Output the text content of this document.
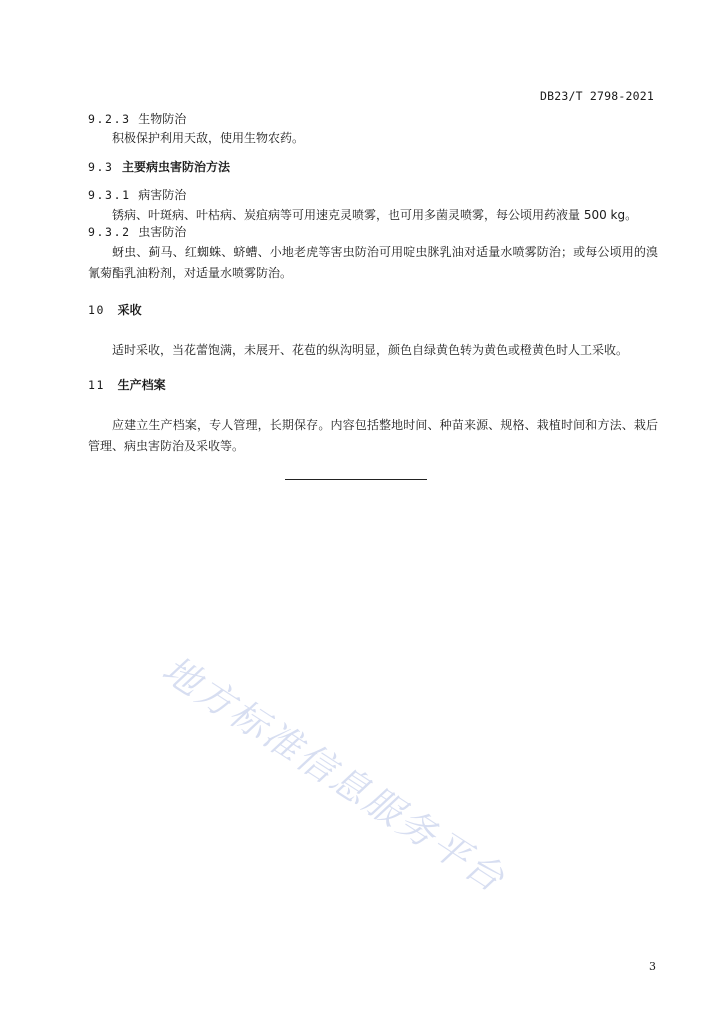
DB23/T 2798-2021
9.2.3 生物防治
积极保护利用天敌，使用生物农药。
9.3 主要病虫害防治方法
9.3.1 病害防治
锈病、叶斑病、叶枯病、炭疽病等可用速克灵喷雾，也可用多菌灵喷雾，每公顷用药液量 500 kg。
9.3.2 虫害防治
蚜虫、蓟马、红蜘蛛、蛴螬、小地老虎等害虫防治可用啶虫脒乳油对适量水喷雾防治；或每公顷用的溴氰菊酯乳油粉剂，对适量水喷雾防治。
10 采收
适时采收，当花蕾饱满，未展开、花苞的纵沟明显，颜色自绿黄色转为黄色或橙黄色时人工采收。
11 生产档案
应建立生产档案，专人管理，长期保存。内容包括整地时间、种苗来源、规格、栽植时间和方法、栽后管理、病虫害防治及采收等。
地方标准信息服务平台
3
